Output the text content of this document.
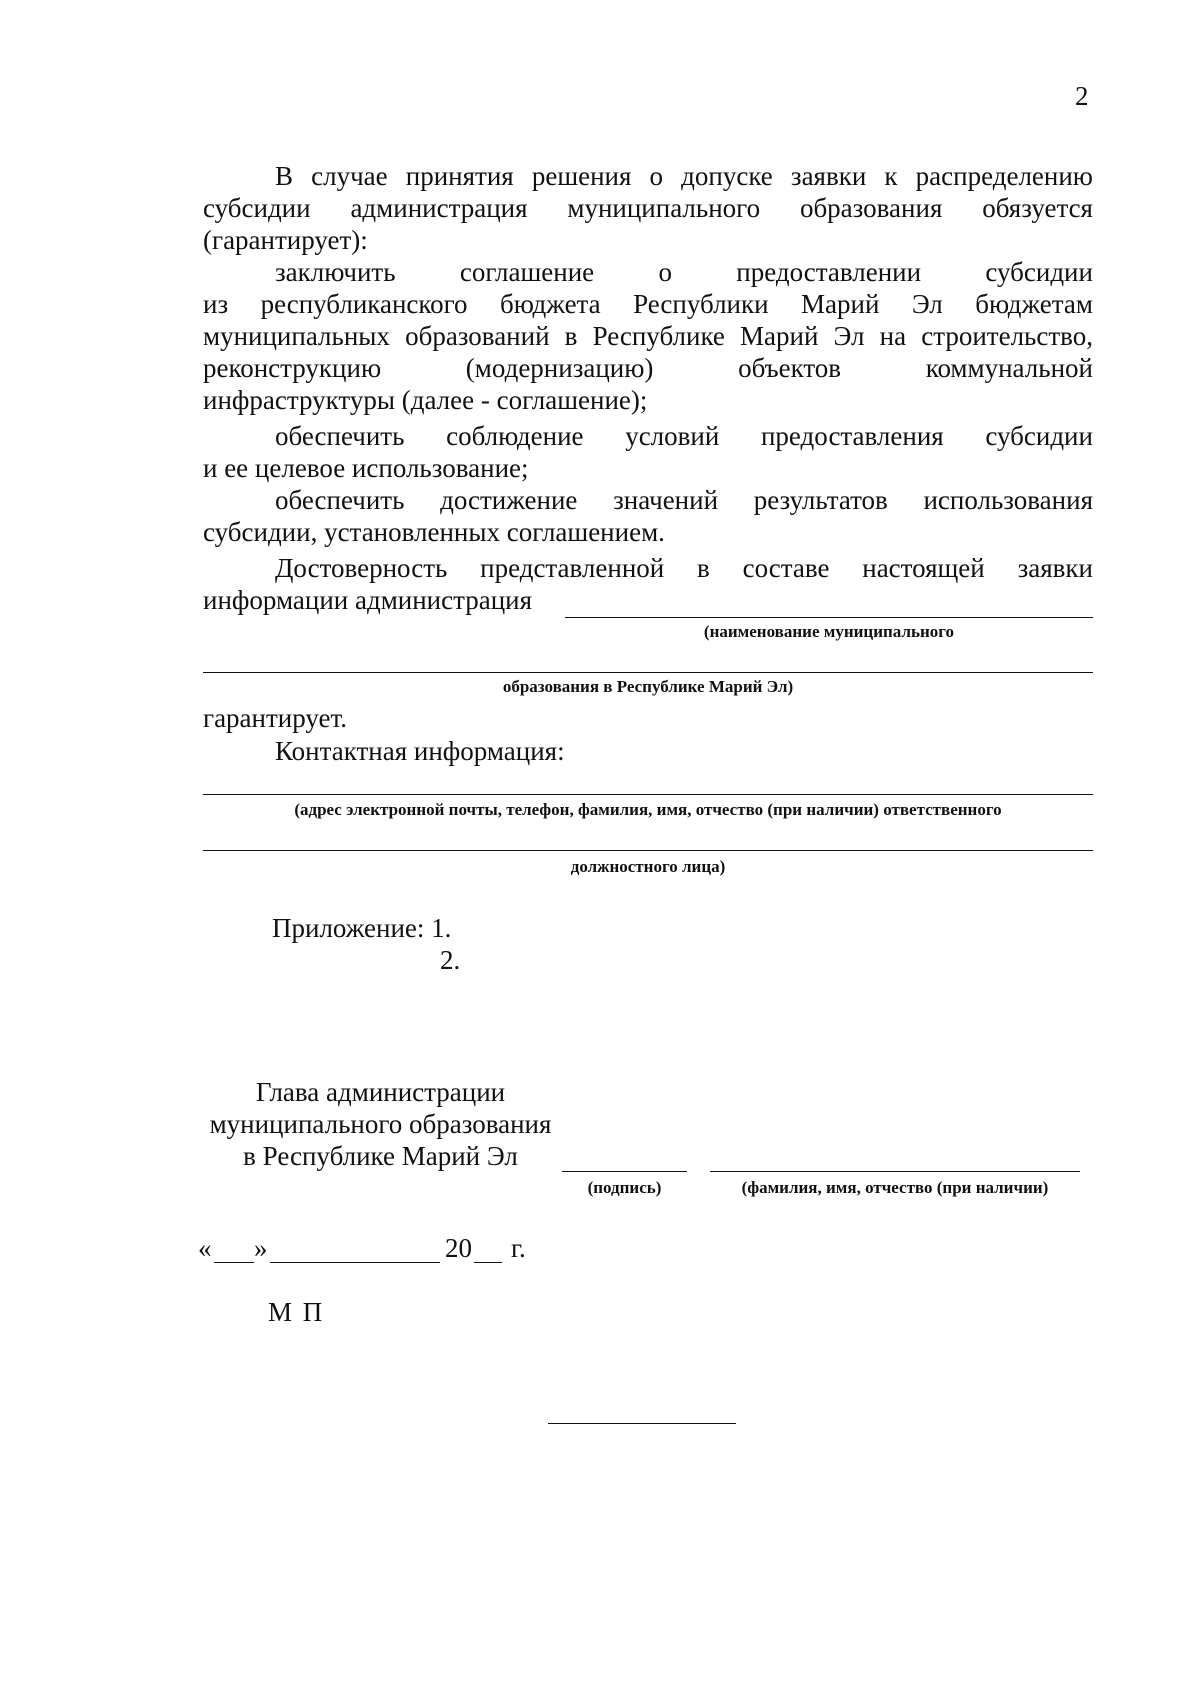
2
В случае принятия решения о допуске заявки к распределению
субсидии администрация муниципального образования обязуется
(гарантирует):
заключить соглашение о предоставлении субсидии
из республиканского бюджета Республики Марий Эл бюджетам
муниципальных образований в Республике Марий Эл на строительство,
реконструкцию	(модернизацию)	объектов	коммунальной
инфраструктуры (далее - соглашение);
обеспечить соблюдение условий предоставления субсидии
и ее целевое использование;
обеспечить достижение значений результатов использования
субсидии, установленных соглашением.
Достоверность представленной в составе настоящей заявки
информации администрация
(наименование муниципального
образования в Республике Марий Эл)
гарантирует.
Контактная информация:
(адрес электронной почты, телефон, фамилия, имя, отчество (при наличии) ответственного
должностного лица)
Приложение: 1.
2.
Глава администрации
муниципального образования
в Республике Марий Эл
(подпись)	(фамилия, имя, отчество (при наличии)
« »	20 г.
М П
